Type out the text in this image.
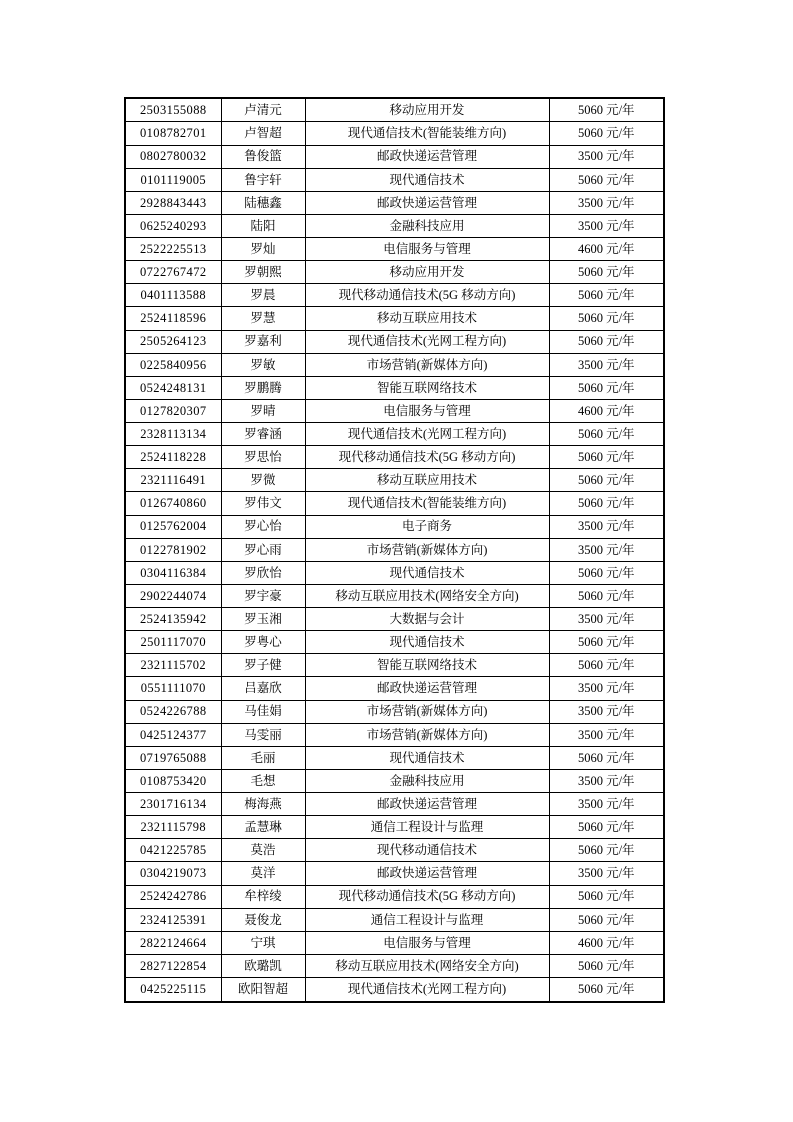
2503155088	卢清元	移动应用开发	5060 元/年
0108782701	卢智超	现代通信技术(智能装维方向)	5060 元/年
0802780032	鲁俊篮	邮政快递运营管理	3500 元/年
0101119005	鲁宇轩	现代通信技术	5060 元/年
2928843443	陆穗鑫	邮政快递运营管理	3500 元/年
0625240293	陆阳	金融科技应用	3500 元/年
2522225513	罗灿	电信服务与管理	4600 元/年
0722767472	罗朝熙	移动应用开发	5060 元/年
0401113588	罗晨	现代移动通信技术(5G 移动方向)	5060 元/年
2524118596	罗慧	移动互联应用技术	5060 元/年
2505264123	罗嘉利	现代通信技术(光网工程方向)	5060 元/年
0225840956	罗敏	市场营销(新媒体方向)	3500 元/年
0524248131	罗鹏腾	智能互联网络技术	5060 元/年
0127820307	罗晴	电信服务与管理	4600 元/年
2328113134	罗睿涵	现代通信技术(光网工程方向)	5060 元/年
2524118228	罗思怡	现代移动通信技术(5G 移动方向)	5060 元/年
2321116491	罗微	移动互联应用技术	5060 元/年
0126740860	罗伟文	现代通信技术(智能装维方向)	5060 元/年
0125762004	罗心怡	电子商务	3500 元/年
0122781902	罗心雨	市场营销(新媒体方向)	3500 元/年
0304116384	罗欣怡	现代通信技术	5060 元/年
2902244074	罗宇豪	移动互联应用技术(网络安全方向)	5060 元/年
2524135942	罗玉湘	大数据与会计	3500 元/年
2501117070	罗粤心	现代通信技术	5060 元/年
2321115702	罗子健	智能互联网络技术	5060 元/年
0551111070	吕嘉欣	邮政快递运营管理	3500 元/年
0524226788	马佳娟	市场营销(新媒体方向)	3500 元/年
0425124377	马雯丽	市场营销(新媒体方向)	3500 元/年
0719765088	毛丽	现代通信技术	5060 元/年
0108753420	毛想	金融科技应用	3500 元/年
2301716134	梅海燕	邮政快递运营管理	3500 元/年
2321115798	孟慧琳	通信工程设计与监理	5060 元/年
0421225785	莫浩	现代移动通信技术	5060 元/年
0304219073	莫洋	邮政快递运营管理	3500 元/年
2524242786	牟梓绫	现代移动通信技术(5G 移动方向)	5060 元/年
2324125391	聂俊龙	通信工程设计与监理	5060 元/年
2822124664	宁琪	电信服务与管理	4600 元/年
2827122854	欧璐凯	移动互联应用技术(网络安全方向)	5060 元/年
0425225115	欧阳智超	现代通信技术(光网工程方向)	5060 元/年
